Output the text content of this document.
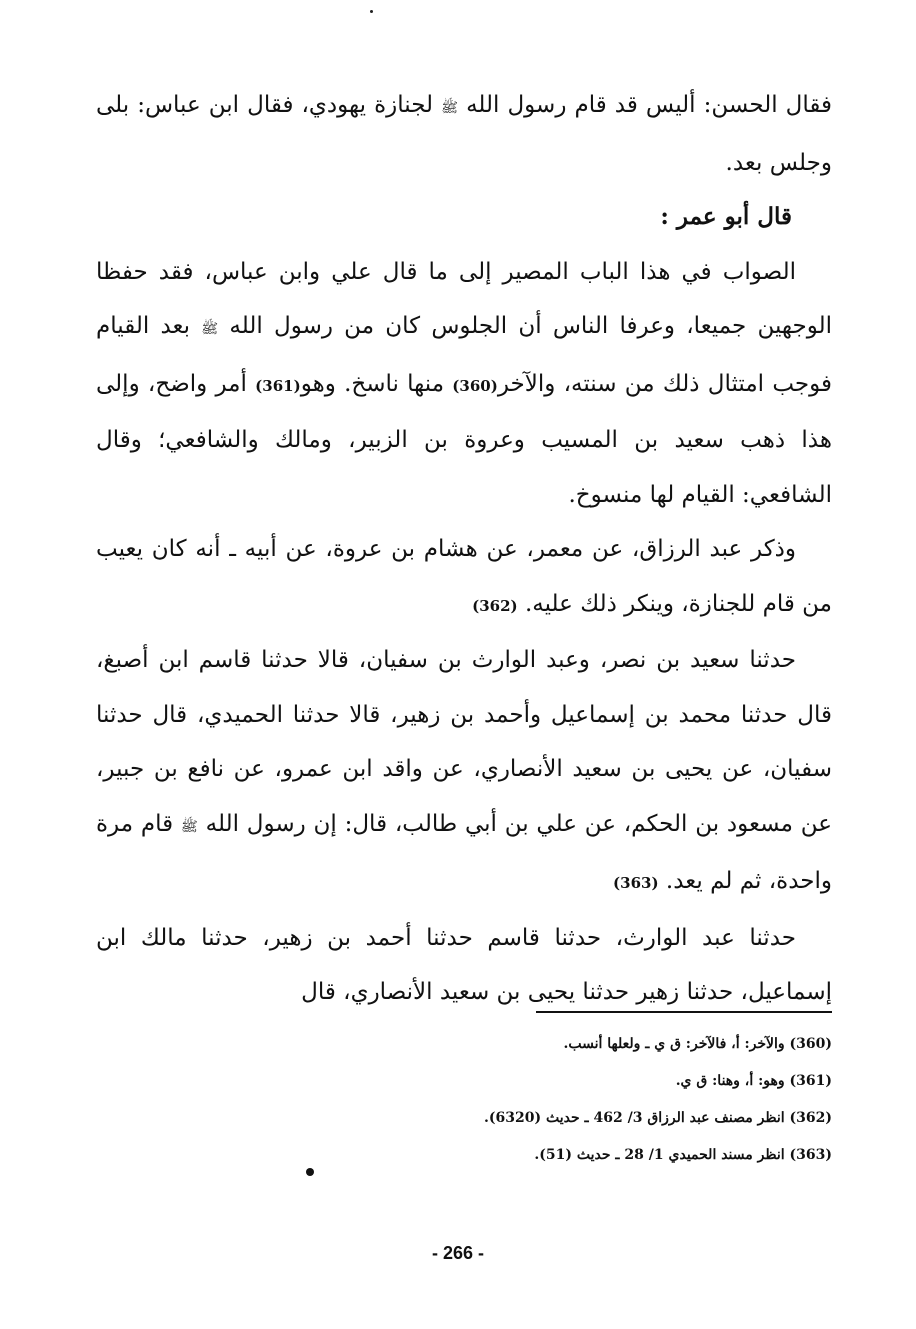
فقال الحسن: أليس قد قام رسول الله ﷺ لجنازة يهودي، فقال ابن عباس: بلى وجلس بعد.

قال أبو عمر :

الصواب في هذا الباب المصير إلى ما قال علي وابن عباس، فقد حفظا الوجهين جميعا، وعرفا الناس أن الجلوس كان من رسول الله ﷺ بعد القيام فوجب امتثال ذلك من سنته، والآخر(360) منها ناسخ. وهو(361) أمر واضح، وإلى هذا ذهب سعيد بن المسيب وعروة بن الزبير، ومالك والشافعي؛ وقال الشافعي: القيام لها منسوخ.

وذكر عبد الرزاق، عن معمر، عن هشام بن عروة، عن أبيه ـ أنه كان يعيب من قام للجنازة، وينكر ذلك عليه. (362)

حدثنا سعيد بن نصر، وعبد الوارث بن سفيان، قالا حدثنا قاسم ابن أصبغ، قال حدثنا محمد بن إسماعيل وأحمد بن زهير، قالا حدثنا الحميدي، قال حدثنا سفيان، عن يحيى بن سعيد الأنصاري، عن واقد ابن عمرو، عن نافع بن جبير، عن مسعود بن الحكم، عن علي بن أبي طالب، قال: إن رسول الله ﷺ قام مرة واحدة، ثم لم يعد. (363)

حدثنا عبد الوارث، حدثنا قاسم حدثنا أحمد بن زهير، حدثنا مالك ابن إسماعيل، حدثنا زهير حدثنا يحيى بن سعيد الأنصاري، قال

(360) والآخر: أ، فالآخر: ق ي ـ ولعلها أنسب.

(361) وهو: أ، وهنا: ق ي.

(362) انظر مصنف عبد الرزاق 3/ 462 ـ حديث (6320).

(363) انظر مسند الحميدي 1/ 28 ـ حديث (51).

- 266 -
